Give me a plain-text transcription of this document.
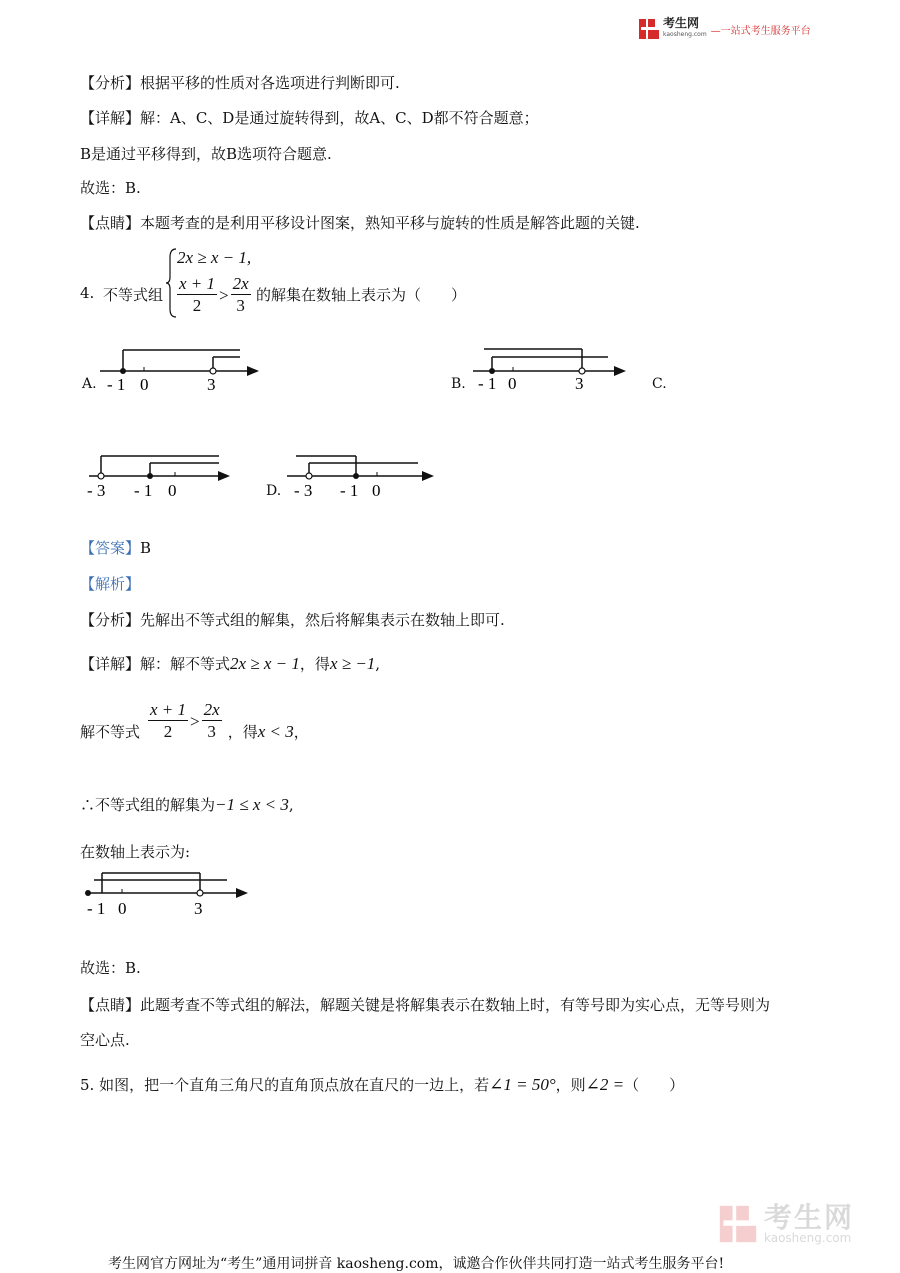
考生网
kaosheng.com —一站式考生服务平台
【分析】根据平移的性质对各选项进行判断即可.
【详解】解：A、C、D是通过旋转得到，故A、C、D都不符合题意；
B是通过平移得到，故B选项符合题意.
故选：B.
【点睛】本题考查的是利用平移设计图案，熟知平移与旋转的性质是解答此题的关键.
4. 不等式组
2x ≥ x − 1,
$\frac{x + 1}{2} > \frac{2x}{3}$ 的解集在数轴上表示为（　　）
A. - 1 0	3	B. - 1 0	3	C.
- 3 - 1 0	D. - 3 - 1 0
【答案】B
【解析】
【分析】先解出不等式组的解集，然后将解集表示在数轴上即可.
【详解】解：解不等式2x ≥ x − 1，得x ≥ −1,
解不等式 $\frac{x + 1}{2} > \frac{2x}{3}$ ，得 x < 3 ，
∴不等式组的解集为−1 ≤ x < 3,
在数轴上表示为:
- 1 0	3
故选：B.
【点睛】此题考查不等式组的解法，解题关键是将解集表示在数轴上时，有等号即为实心点，无等号则为
空心点.
5. 如图，把一个直角三角尺的直角顶点放在直尺的一边上，若∠1 = 50°，则∠2 =（　　）
考生网
kaosheng.com
考生网官方网址为“考生”通用词拼音 kaosheng.com，诚邀合作伙伴共同打造一站式考生服务平台!
